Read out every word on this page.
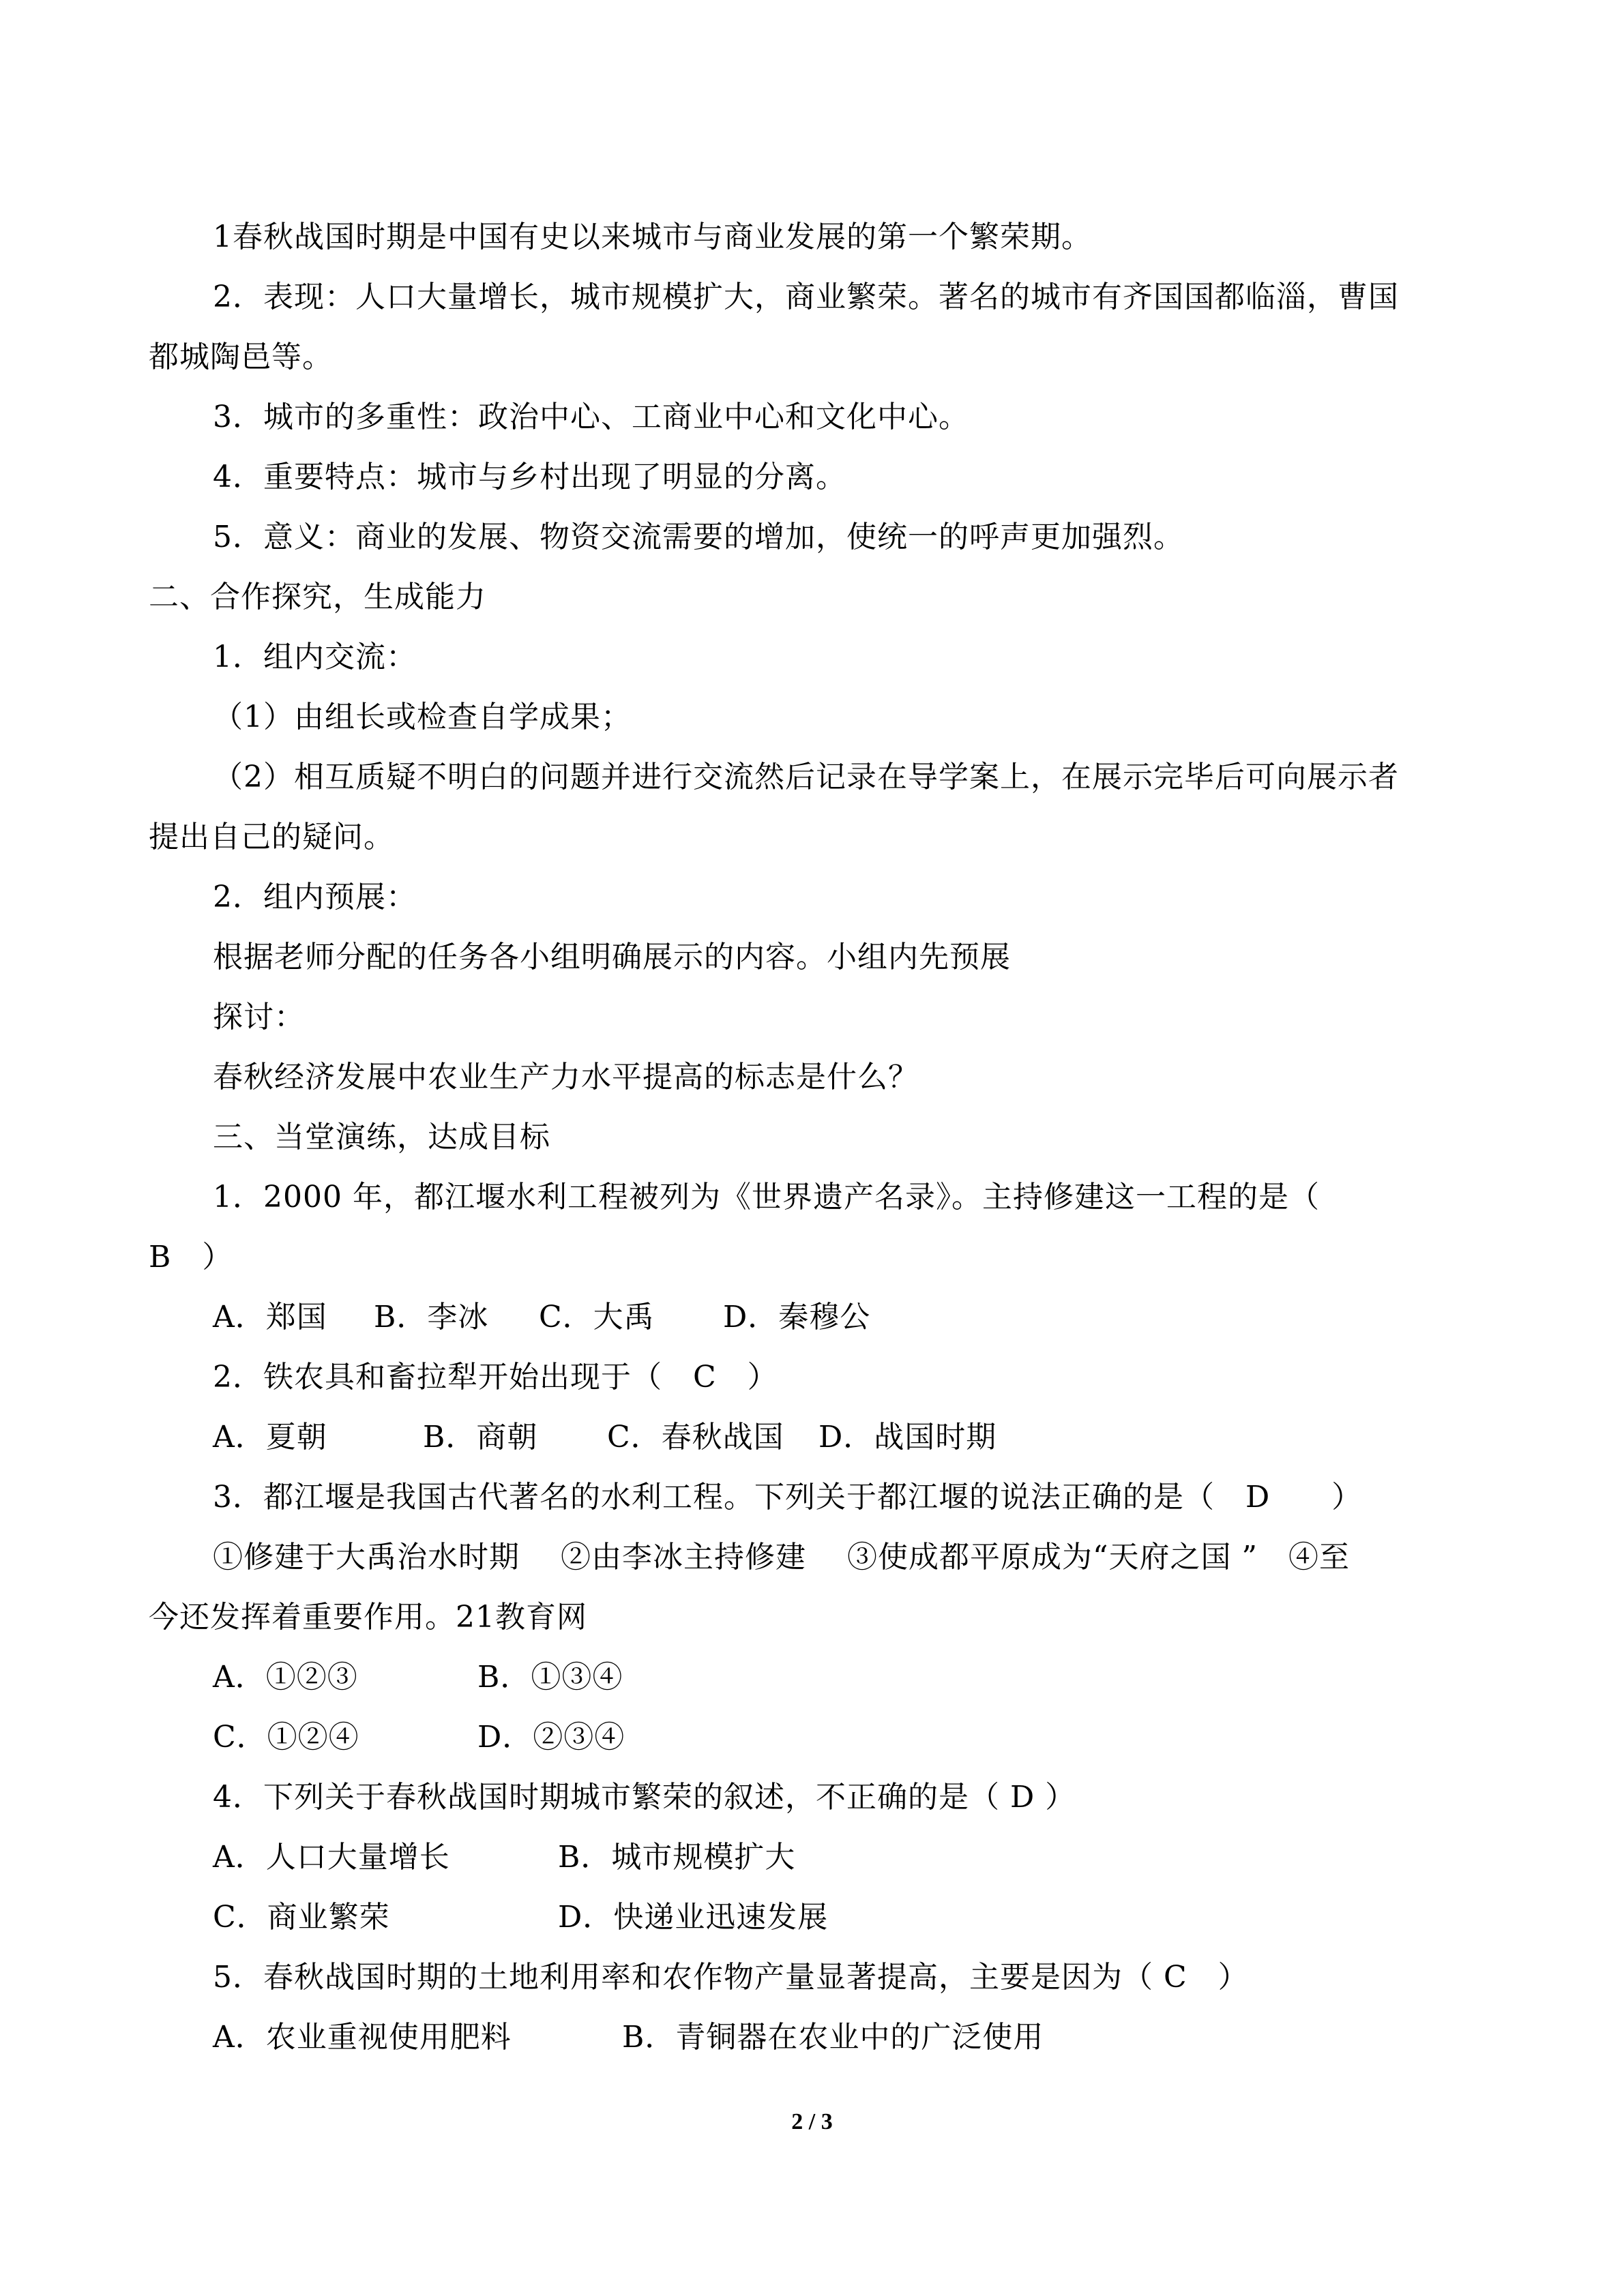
1春秋战国时期是中国有史以来城市与商业发展的第一个繁荣期。
2．表现：人口大量增长，城市规模扩大，商业繁荣。著名的城市有齐国国都临淄，曹国
都城陶邑等。
3．城市的多重性：政治中心、工商业中心和文化中心。
4．重要特点：城市与乡村出现了明显的分离。
5．意义：商业的发展、物资交流需要的增加，使统一的呼声更加强烈。
二、合作探究，生成能力
1．组内交流：
（1）由组长或检查自学成果；
（2）相互质疑不明白的问题并进行交流然后记录在导学案上，在展示完毕后可向展示者
提出自己的疑问。
2．组内预展：
根据老师分配的任务各小组明确展示的内容。小组内先预展
探讨：
春秋经济发展中农业生产力水平提高的标志是什么？
三、当堂演练，达成目标
1．2000 年，都江堰水利工程被列为《世界遗产名录》。主持修建这一工程的是（
B　）
A．郑国 B．李冰 C．大禹 D．秦穆公
2．铁农具和畜拉犁开始出现于（　C　）
A．夏朝	B．商朝 C．春秋战国 D．战国时期
3．都江堰是我国古代著名的水利工程。下列关于都江堰的说法正确的是（　D　　）
①修建于大禹治水时期　 ②由李冰主持修建　 ③使成都平原成为“天府之国 ”　④至
今还发挥着重要作用。21教育网
A．①②③	B．①③④
C．①②④	D．②③④
4．下列关于春秋战国时期城市繁荣的叙述，不正确的是（ D ）
A．人口大量增长	B．城市规模扩大
C．商业繁荣	D．快递业迅速发展
5．春秋战国时期的土地利用率和农作物产量显著提高，主要是因为（ C　）
A．农业重视使用肥料	B．青铜器在农业中的广泛使用
2 / 3
